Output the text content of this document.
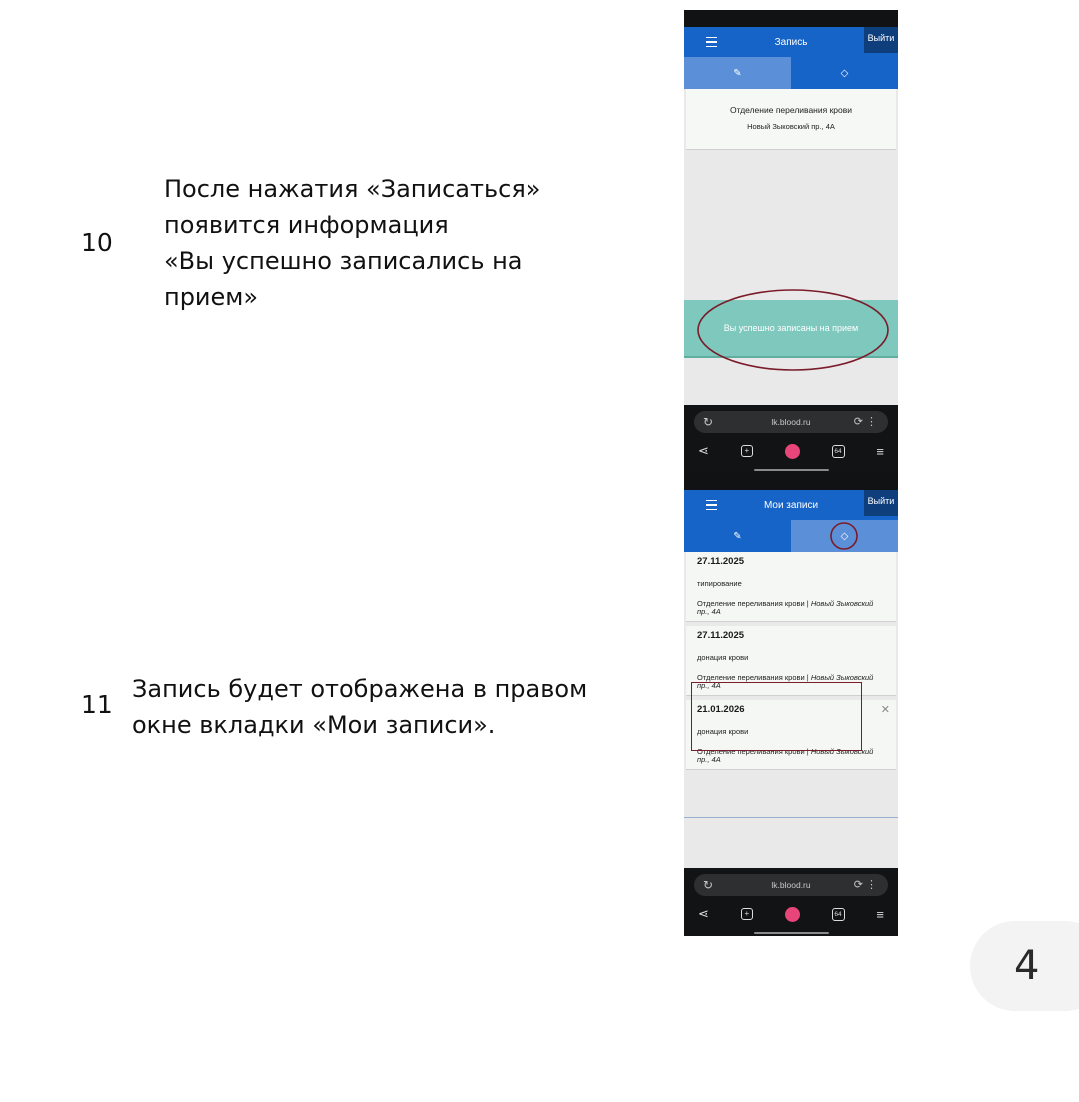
10

После нажатия «Записаться»
появится информация
«Вы успешно записались на
прием»

11

Запись будет отображена в правом
окне вкладки «Мои записи».

Запись	Выйти
✎	◇
Отделение переливания крови
Новый Зыковский пр., 4А
Вы успешно записаны на прием
↻	lk.blood.ru	⟳⋮
⋖	+	64	≡
Мои записи	Выйти
✎	◇
27.11.2025
типирование
Отделение переливания крови | Новый Зыковский пр., 4А
27.11.2025
донация крови
Отделение переливания крови | Новый Зыковский пр., 4А
✕
21.01.2026
донация крови
Отделение переливания крови | Новый Зыковский пр., 4А
↻	lk.blood.ru	⟳⋮
⋖	+	64	≡
4
